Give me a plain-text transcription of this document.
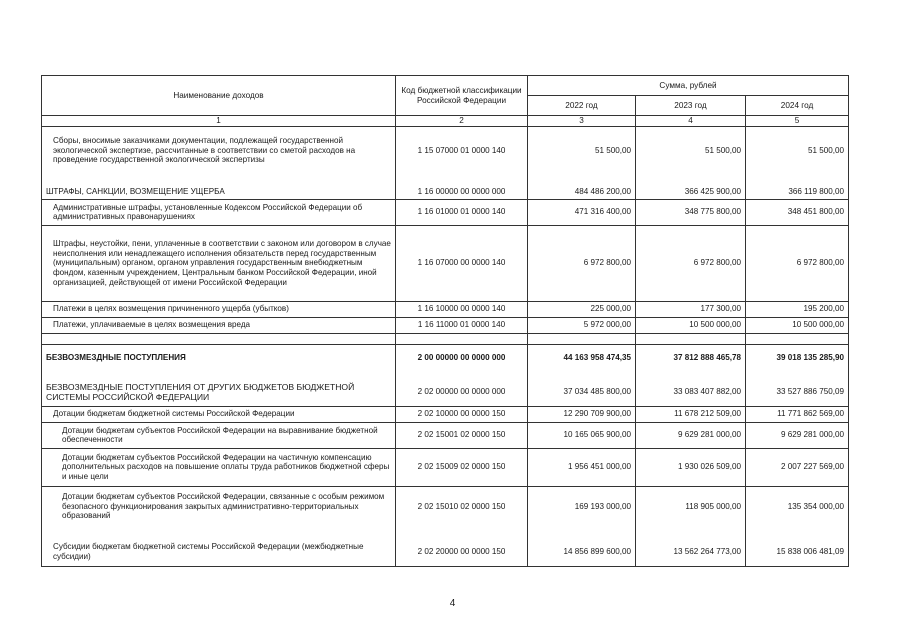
Наименование доходов	Код бюджетной классификации Российской Федерации	Сумма, рублей		
		2022 год	2023 год	2024 год
1	2	3	4	5
Сборы, вносимые заказчиками документации, подлежащей государственной экологической экспертизе, рассчитанные в соответствии со сметой расходов на проведение государственной экологической экспертизы	1 15 07000 01 0000 140	51 500,00	51 500,00	51 500,00

ШТРАФЫ, САНКЦИИ, ВОЗМЕЩЕНИЕ УЩЕРБА	1 16 00000 00 0000 000	484 486 200,00	366 425 900,00	366 119 800,00
Административные штрафы, установленные Кодексом Российской Федерации об административных правонарушениях	1 16 01000 01 0000 140	471 316 400,00	348 775 800,00	348 451 800,00
Штрафы, неустойки, пени, уплаченные в соответствии с законом или договором в случае неисполнения или ненадлежащего исполнения обязательств перед государственным (муниципальным) органом, органом управления государственным внебюджетным фондом, казенным учреждением, Центральным банком Российской Федерации, иной организацией, действующей от имени Российской Федерации	1 16 07000 00 0000 140	6 972 800,00	6 972 800,00	6 972 800,00
Платежи в целях возмещения причиненного ущерба (убытков)	1 16 10000 00 0000 140	225 000,00	177 300,00	195 200,00
Платежи, уплачиваемые в целях возмещения вреда	1 16 11000 01 0000 140	5 972 000,00	10 500 000,00	10 500 000,00

БЕЗВОЗМЕЗДНЫЕ ПОСТУПЛЕНИЯ	2 00 00000 00 0000 000	44 163 958 474,35	37 812 888 465,78	39 018 135 285,90

БЕЗВОЗМЕЗДНЫЕ ПОСТУПЛЕНИЯ ОТ ДРУГИХ БЮДЖЕТОВ БЮДЖЕТНОЙ СИСТЕМЫ РОССИЙСКОЙ ФЕДЕРАЦИИ	2 02 00000 00 0000 000	37 034 485 800,00	33 083 407 882,00	33 527 886 750,09
Дотации бюджетам бюджетной системы Российской Федерации	2 02 10000 00 0000 150	12 290 709 900,00	11 678 212 509,00	11 771 862 569,00
Дотации бюджетам субъектов Российской Федерации на выравнивание бюджетной обеспеченности	2 02 15001 02 0000 150	10 165 065 900,00	9 629 281 000,00	9 629 281 000,00
Дотации бюджетам субъектов Российской Федерации на частичную компенсацию дополнительных расходов на повышение оплаты труда работников бюджетной сферы и иные цели	2 02 15009 02 0000 150	1 956 451 000,00	1 930 026 509,00	2 007 227 569,00
Дотации бюджетам субъектов Российской Федерации, связанные с особым режимом безопасного функционирования закрытых административно-территориальных образований	2 02 15010 02 0000 150	169 193 000,00	118 905 000,00	135 354 000,00

Субсидии бюджетам бюджетной системы Российской Федерации (межбюджетные субсидии)	2 02 20000 00 0000 150	14 856 899 600,00	13 562 264 773,00	15 838 006 481,09
4
